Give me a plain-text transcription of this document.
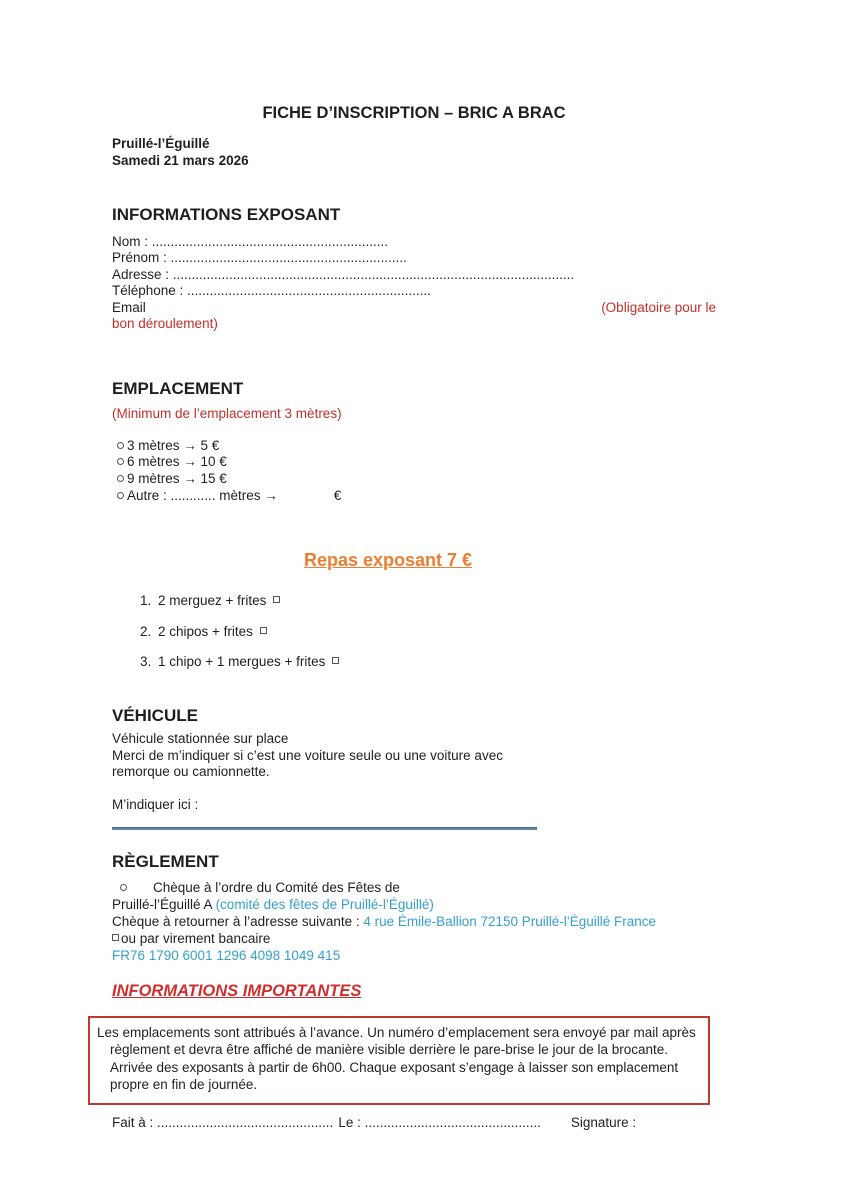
FICHE D’INSCRIPTION – BRIC A BRAC
Pruillé-l’Éguillé
Samedi 21 mars 2026
INFORMATIONS EXPOSANT
Nom : ...............................................................
Prénom : ...............................................................
Adresse : ...........................................................................................................
Téléphone : .................................................................
Email	(Obligatoire pour le
bon déroulement)
EMPLACEMENT
(Minimum de l’emplacement 3 mètres)
3 mètres → 5 €
6 mètres → 10 €
9 mètres → 15 €
Autre : ............ mètres →	€
Repas exposant 7 €
1. 2 merguez + frites
2. 2 chipos + frites
3. 1 chipo + 1 mergues + frites
VÉHICULE
Véhicule stationnée sur place
Merci de m’indiquer si c’est une voiture seule ou une voiture avec
remorque ou camionnette.
M’indiquer ici :
RÈGLEMENT
Chèque à l’ordre du Comité des Fêtes de
Pruillé-l’Éguillé A (comité des fêtes de Pruillé-l’Éguillé)
Chèque à retourner à l’adresse suivante : 4 rue Émile-Ballion 72150 Pruillé-l’Éguillé France
ou par virement bancaire
FR76 1790 6001 1296 4098 1049 415
INFORMATIONS IMPORTANTES
Les emplacements sont attribués à l’avance. Un numéro d’emplacement sera envoyé par mail après règlement et devra être affiché de manière visible derrière le pare-brise le jour de la brocante. Arrivée des exposants à partir de 6h00. Chaque exposant s’engage à laisser son emplacement propre en fin de journée.
Fait à : ............................................... Le : ............................................... Signature :
